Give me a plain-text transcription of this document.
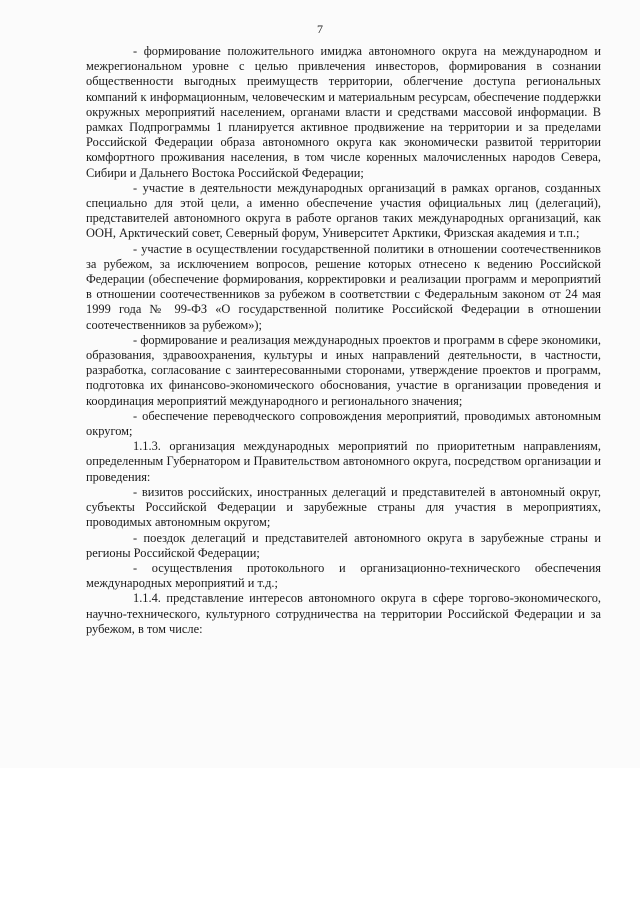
7

- формирование положительного имиджа автономного округа на международном и межрегиональном уровне с целью привлечения инвесторов, формирования в сознании общественности выгодных преимуществ территории, облегчение доступа региональных компаний к информационным, человеческим и материальным ресурсам, обеспечение поддержки окружных мероприятий населением, органами власти и средствами массовой информации. В рамках Подпрограммы 1 планируется активное продвижение на территории и за пределами Российской Федерации образа автономного округа как экономически развитой территории комфортного проживания населения, в том числе коренных малочисленных народов Севера, Сибири и Дальнего Востока Российской Федерации;

- участие в деятельности международных организаций в рамках органов, созданных специально для этой цели, а именно обеспечение участия официальных лиц (делегаций), представителей автономного округа в работе органов таких международных организаций, как ООН, Арктический совет, Северный форум, Университет Арктики, Фризская академия и т.п.;

- участие в осуществлении государственной политики в отношении соотечественников за рубежом, за исключением вопросов, решение которых отнесено к ведению Российской Федерации (обеспечение формирования, корректировки и реализации программ и мероприятий в отношении соотечественников за рубежом в соответствии с Федеральным законом от 24 мая 1999 года № 99-ФЗ «О государственной политике Российской Федерации в отношении соотечественников за рубежом»);

- формирование и реализация международных проектов и программ в сфере экономики, образования, здравоохранения, культуры и иных направлений деятельности, в частности, разработка, согласование с заинтересованными сторонами, утверждение проектов и программ, подготовка их финансово-экономического обоснования, участие в организации проведения и координация мероприятий международного и регионального значения;

- обеспечение переводческого сопровождения мероприятий, проводимых автономным округом;

1.1.3. организация международных мероприятий по приоритетным направлениям, определенным Губернатором и Правительством автономного округа, посредством организации и проведения:

- визитов российских, иностранных делегаций и представителей в автономный округ, субъекты Российской Федерации и зарубежные страны для участия в мероприятиях, проводимых автономным округом;

- поездок делегаций и представителей автономного округа в зарубежные страны и регионы Российской Федерации;

- осуществления протокольного и организационно-технического обеспечения международных мероприятий и т.д.;

1.1.4. представление интересов автономного округа в сфере торгово-экономического, научно-технического, культурного сотрудничества на территории Российской Федерации и за рубежом, в том числе:
